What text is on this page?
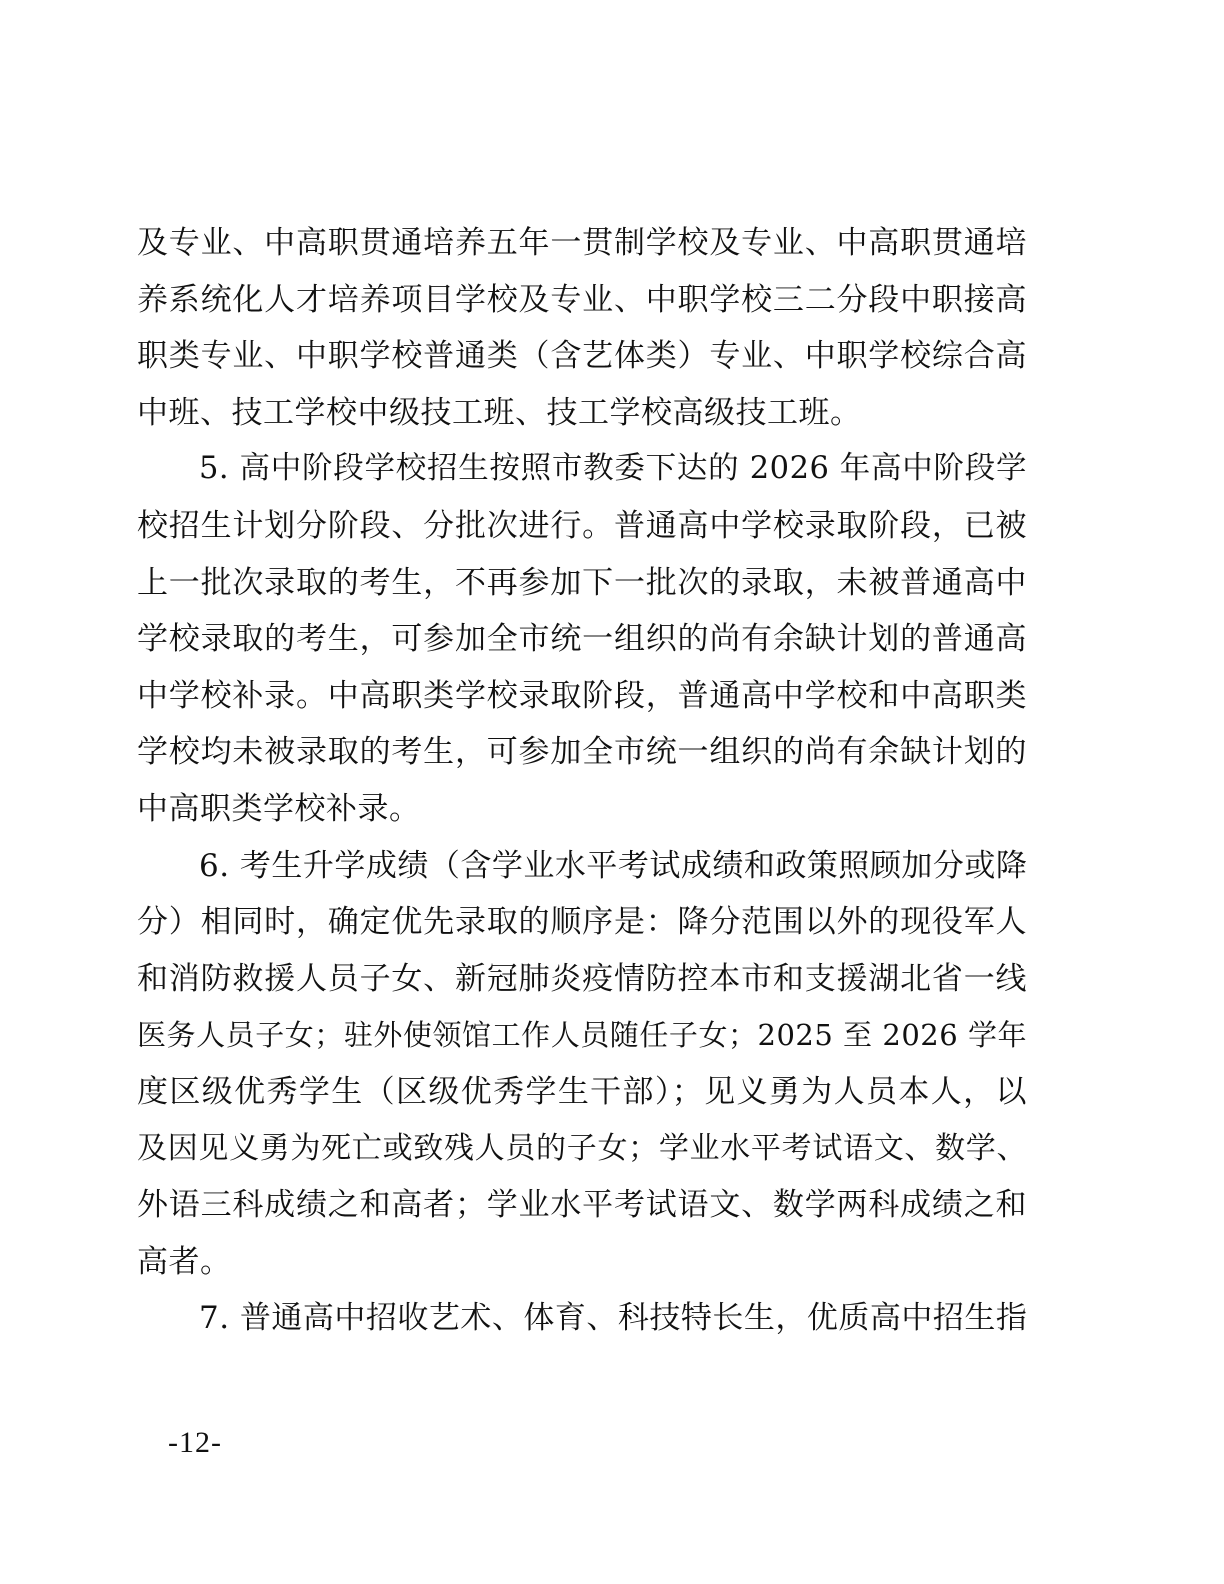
及专业、中高职贯通培养五年一贯制学校及专业、中高职贯通培
养系统化人才培养项目学校及专业、中职学校三二分段中职接高
职类专业、中职学校普通类（含艺体类）专业、中职学校综合高
中班、技工学校中级技工班、技工学校高级技工班。
5. 高中阶段学校招生按照市教委下达的 2026 年高中阶段学
校招生计划分阶段、分批次进行。普通高中学校录取阶段，已被
上一批次录取的考生，不再参加下一批次的录取，未被普通高中
学校录取的考生，可参加全市统一组织的尚有余缺计划的普通高
中学校补录。中高职类学校录取阶段，普通高中学校和中高职类
学校均未被录取的考生，可参加全市统一组织的尚有余缺计划的
中高职类学校补录。
6. 考生升学成绩（含学业水平考试成绩和政策照顾加分或降
分）相同时，确定优先录取的顺序是：降分范围以外的现役军人
和消防救援人员子女、新冠肺炎疫情防控本市和支援湖北省一线
医务人员子女；驻外使领馆工作人员随任子女；2025 至 2026 学年
度区级优秀学生（区级优秀学生干部）；见义勇为人员本人，以
及因见义勇为死亡或致残人员的子女；学业水平考试语文、数学、
外语三科成绩之和高者；学业水平考试语文、数学两科成绩之和
高者。
7. 普通高中招收艺术、体育、科技特长生，优质高中招生指
-12-
